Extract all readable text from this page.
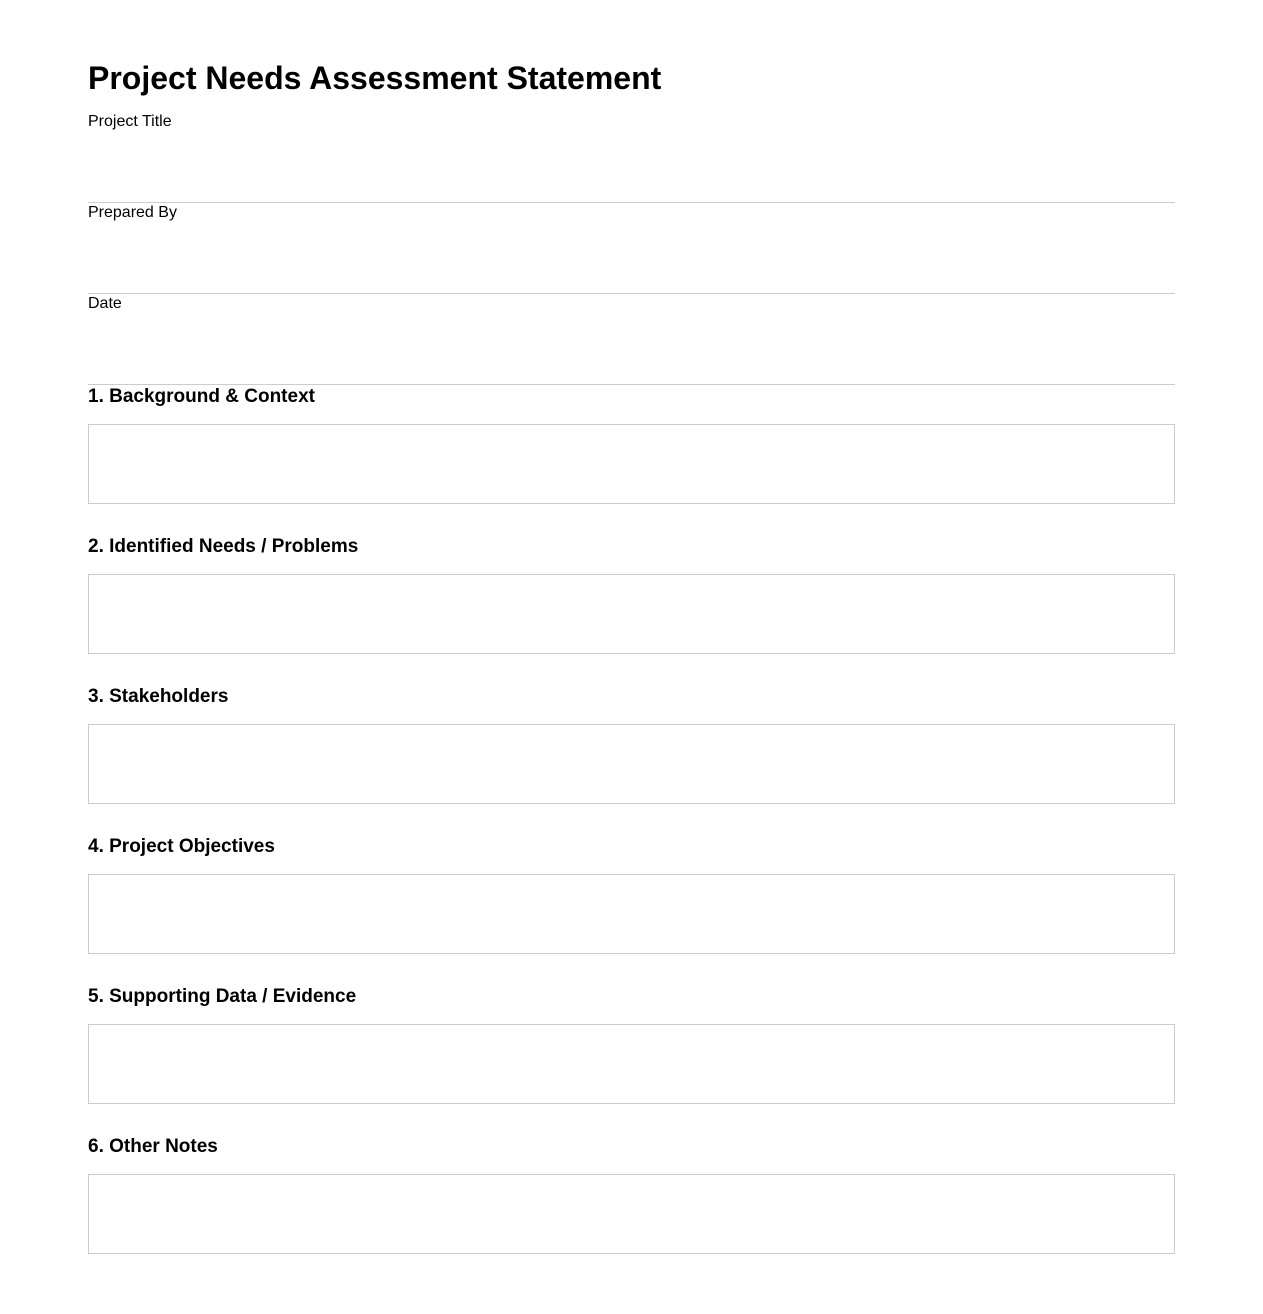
Project Needs Assessment Statement
Project Title
Prepared By
Date
1. Background & Context
2. Identified Needs / Problems
3. Stakeholders
4. Project Objectives
5. Supporting Data / Evidence
6. Other Notes
